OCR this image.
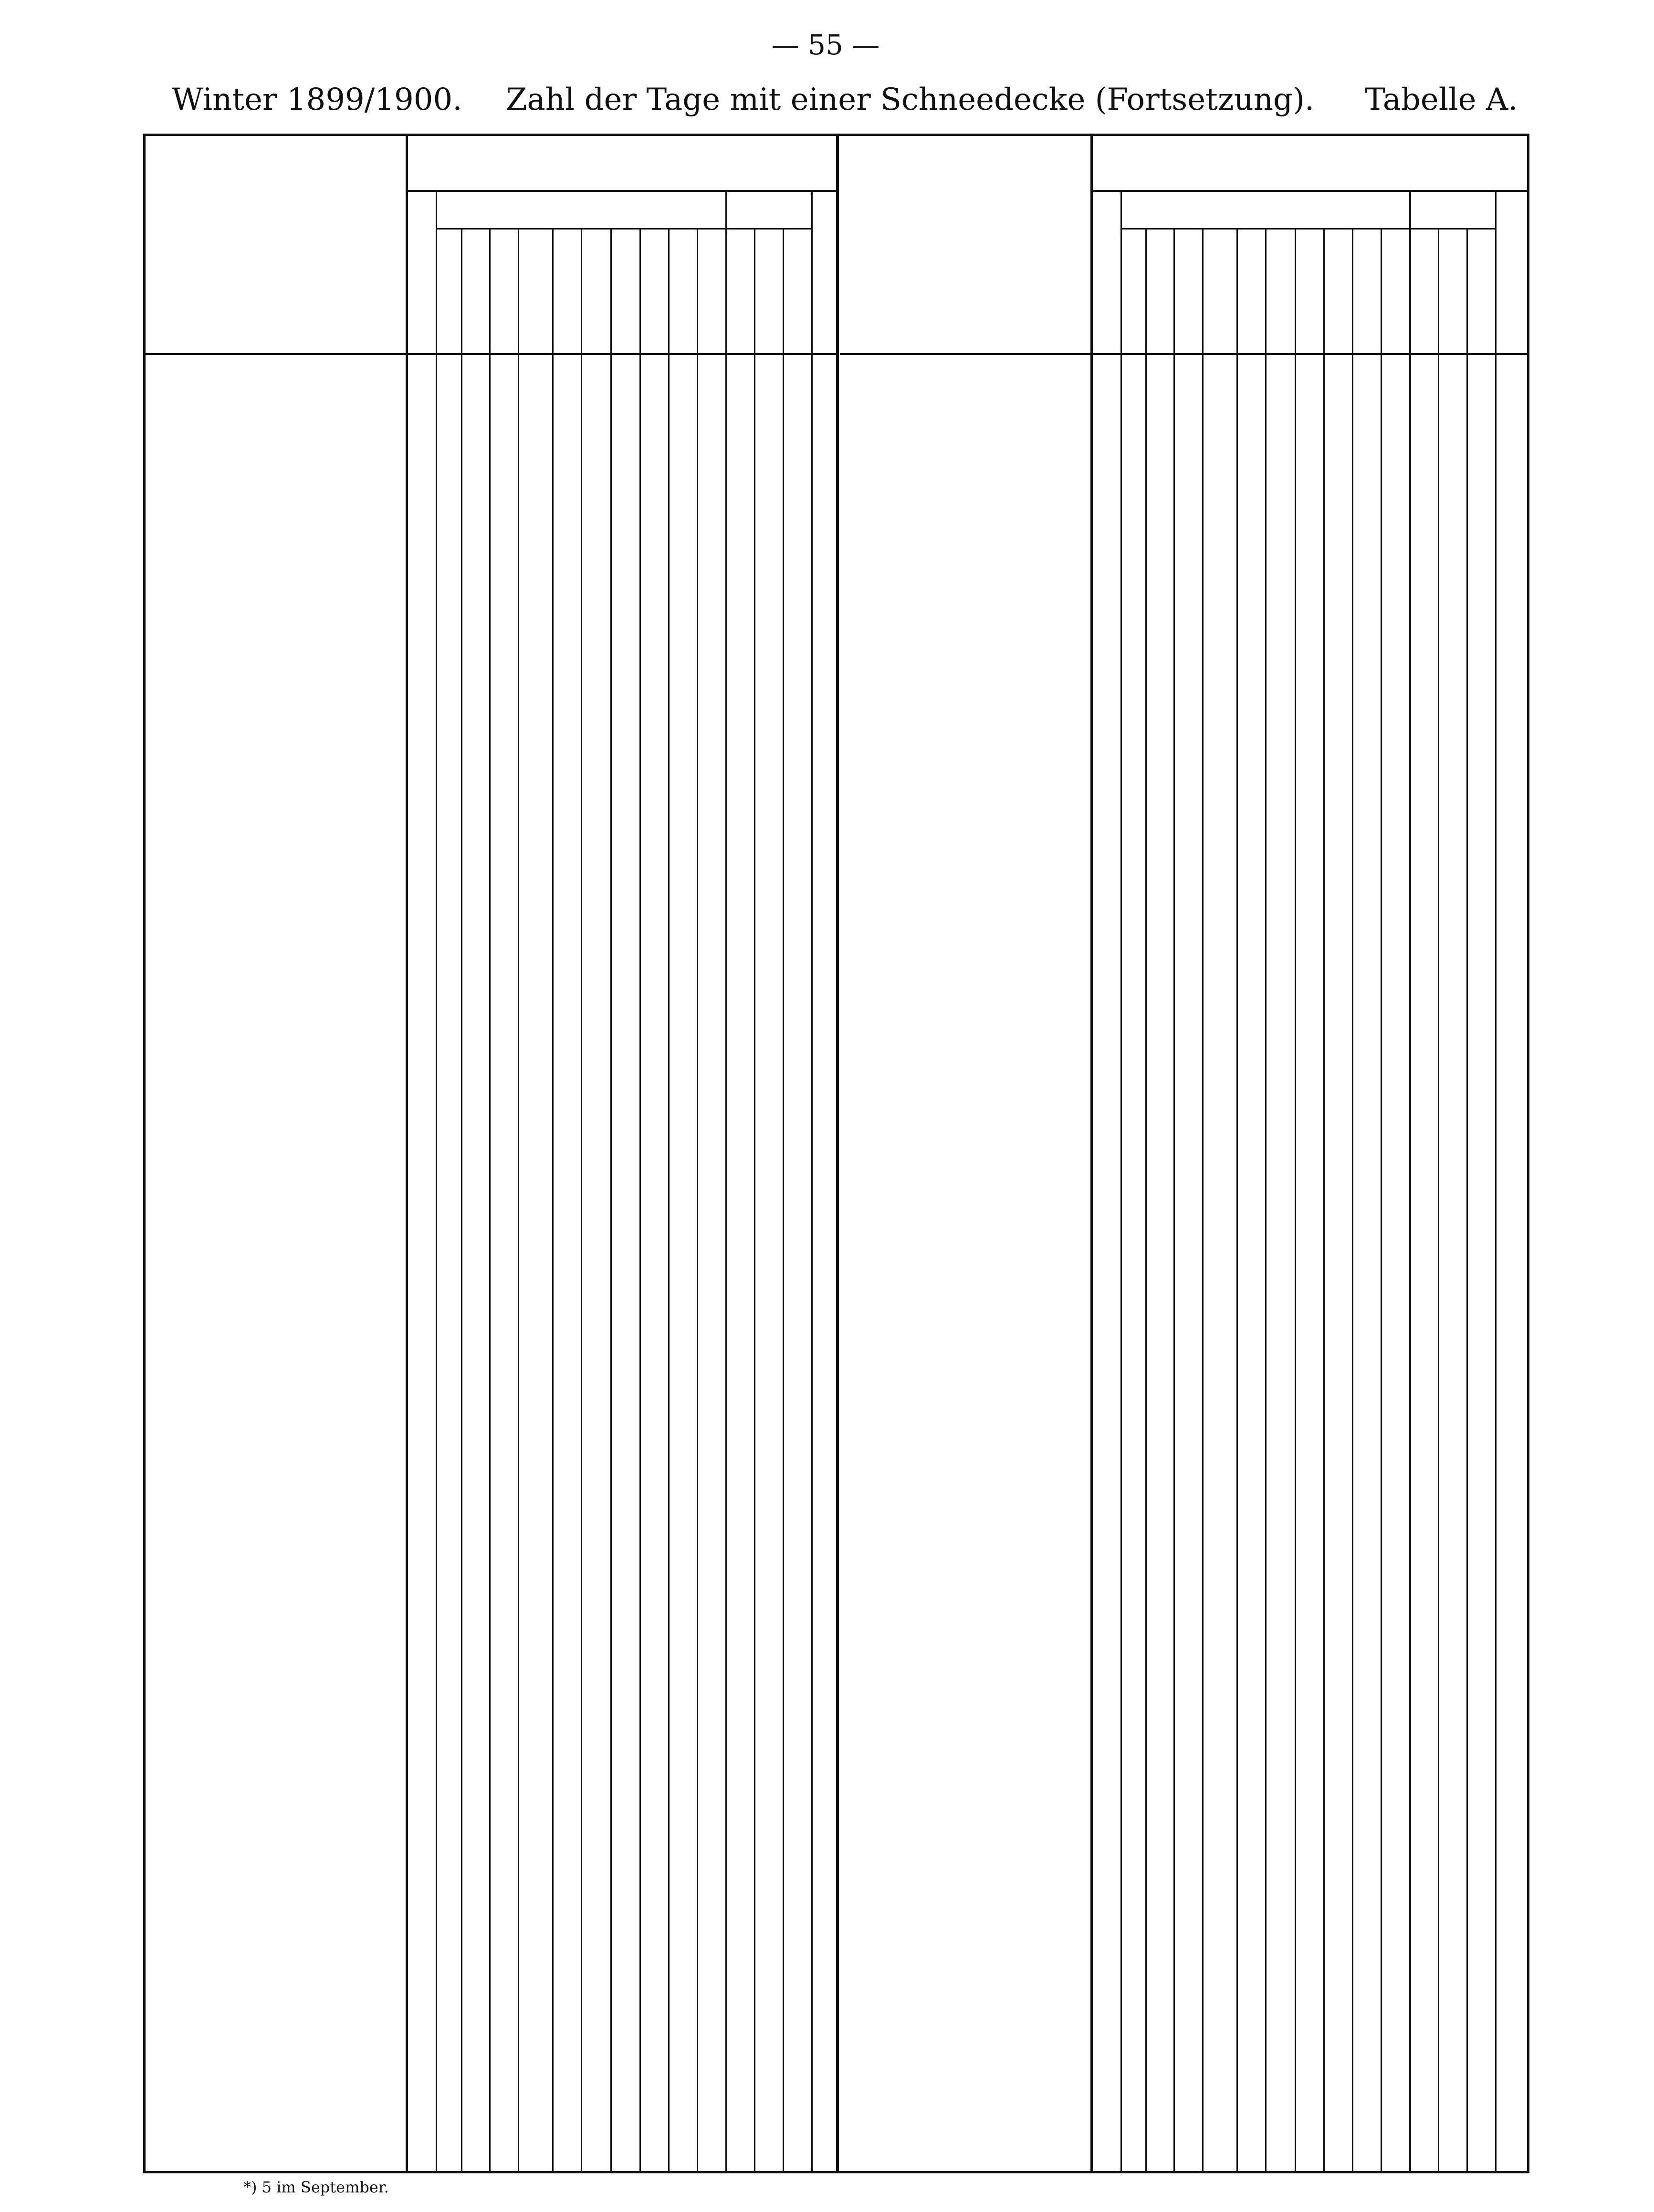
— 55 —
Winter 1899/1900. Zahl der Tage mit einer Schneedecke (Fortsetzung). Tabelle A.
*) 5 im September.
